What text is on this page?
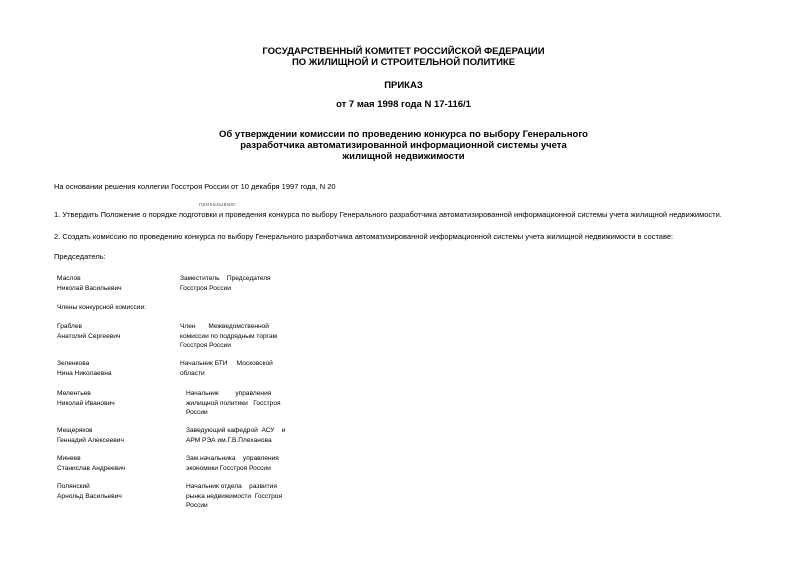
ГОСУДАРСТВЕННЫЙ КОМИТЕТ РОССИЙСКОЙ ФЕДЕРАЦИИ
ПО ЖИЛИЩНОЙ И СТРОИТЕЛЬНОЙ ПОЛИТИКЕ
ПРИКАЗ
от 7 мая 1998 года N 17-116/1
Об утверждении комиссии по проведению конкурса по выбору Генерального
разработчика автоматизированной информационной системы учета
жилищной недвижимости
На основании решения коллегии Госстроя России от 10 декабря 1997 года, N 20
приказываю:
1. Утвердить Положение о порядке подготовки и проведения конкурса по выбору Генерального разработчика автоматизированной информационной системы учета жилищной недвижимости.
2. Создать комиссию по проведению конкурса по выбору Генерального разработчика автоматизированной информационной системы учета жилищной недвижимости в составе:
Председатель:
Маслов
Николай Васильевич
Заместитель    Председателя
Госстроя России
Члены конкурсной комиссии:
Граблев
Анатолий Сергеевич
Член       Межведомственной
комиссии по подрядным торгам
Госстроя России
Зеленкова
Нина Николаевна
Начальник БТИ     Московской
области
Мелентьев
Николай Иванович
Начальник         управления
жилищной политики   Госстроя
России
Мещеряков
Геннадий Алексеевич
Заведующий кафедрой  АСУ    и
АРМ РЭА им.Г.В.Плеханова
Минеев
Станислав Андреевич
Зам.начальника    управления
экономики Госстроя России
Полянский
Арнольд Васильевич
Начальник отдела    развития
рынка недвижимости  Госстроя
России
